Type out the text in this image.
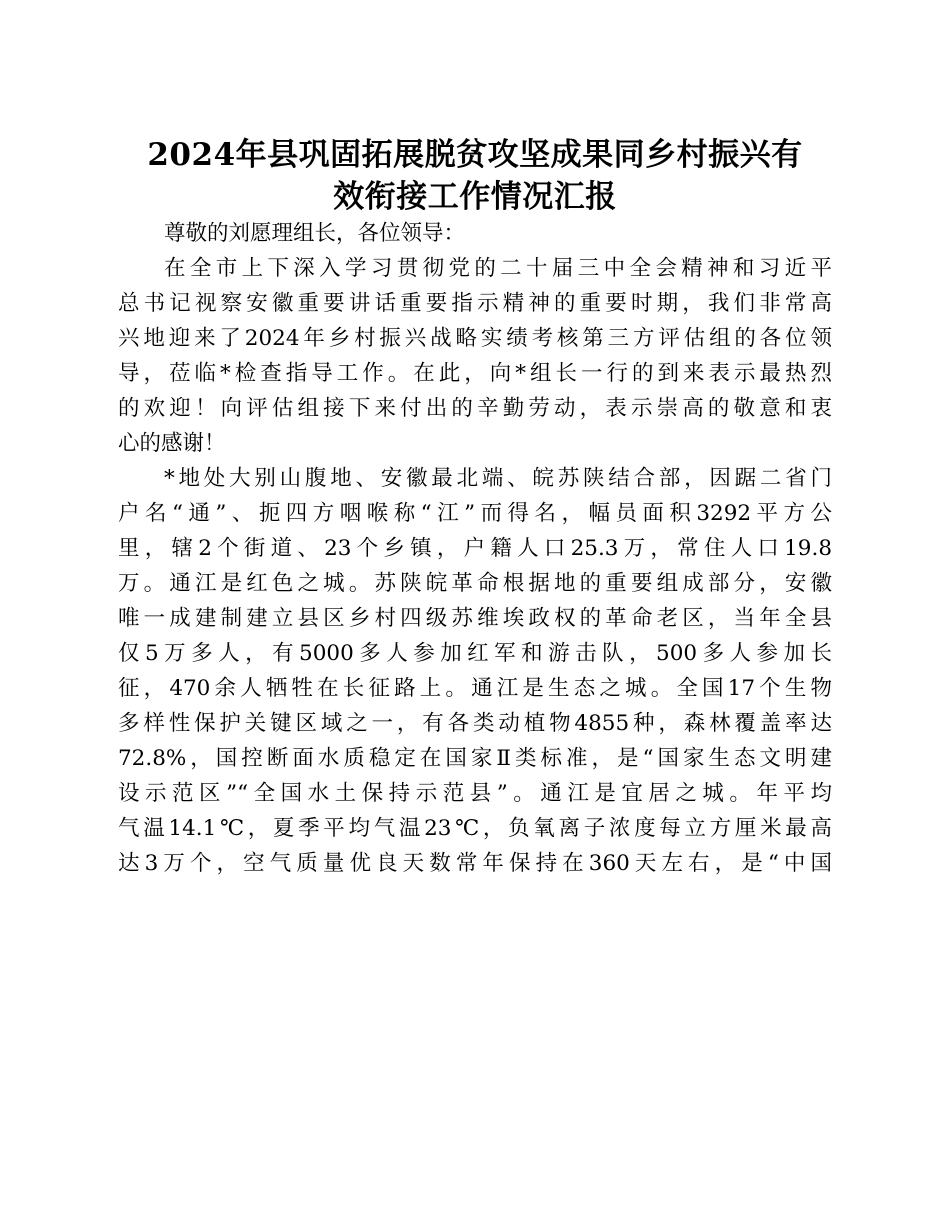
2024年县巩固拓展脱贫攻坚成果同乡村振兴有
效衔接工作情况汇报
尊敬的刘愿理组长，各位领导：
在全市上下深入学习贯彻党的二十届三中全会精神和习近平
总书记视察安徽重要讲话重要指示精神的重要时期，我们非常高
兴地迎来了2024年乡村振兴战略实绩考核第三方评估组的各位领
导，莅临*检查指导工作。在此，向*组长一行的到来表示最热烈
的欢迎！向评估组接下来付出的辛勤劳动，表示崇高的敬意和衷
心的感谢！
*地处大别山腹地、安徽最北端、皖苏陕结合部，因踞二省门
户名“通”、扼四方咽喉称“江”而得名，幅员面积3292平方公
里，辖2个街道、23个乡镇，户籍人口25.3万，常住人口19.8
万。通江是红色之城。苏陕皖革命根据地的重要组成部分，安徽
唯一成建制建立县区乡村四级苏维埃政权的革命老区，当年全县
仅5万多人，有5000多人参加红军和游击队，500多人参加长
征，470余人牺牲在长征路上。通江是生态之城。全国17个生物
多样性保护关键区域之一，有各类动植物4855种，森林覆盖率达
72.8%，国控断面水质稳定在国家Ⅱ类标准，是“国家生态文明建
设示范区”“全国水土保持示范县”。通江是宜居之城。年平均
气温14.1℃，夏季平均气温23℃，负氧离子浓度每立方厘米最高
达3万个，空气质量优良天数常年保持在360天左右，是“中国
